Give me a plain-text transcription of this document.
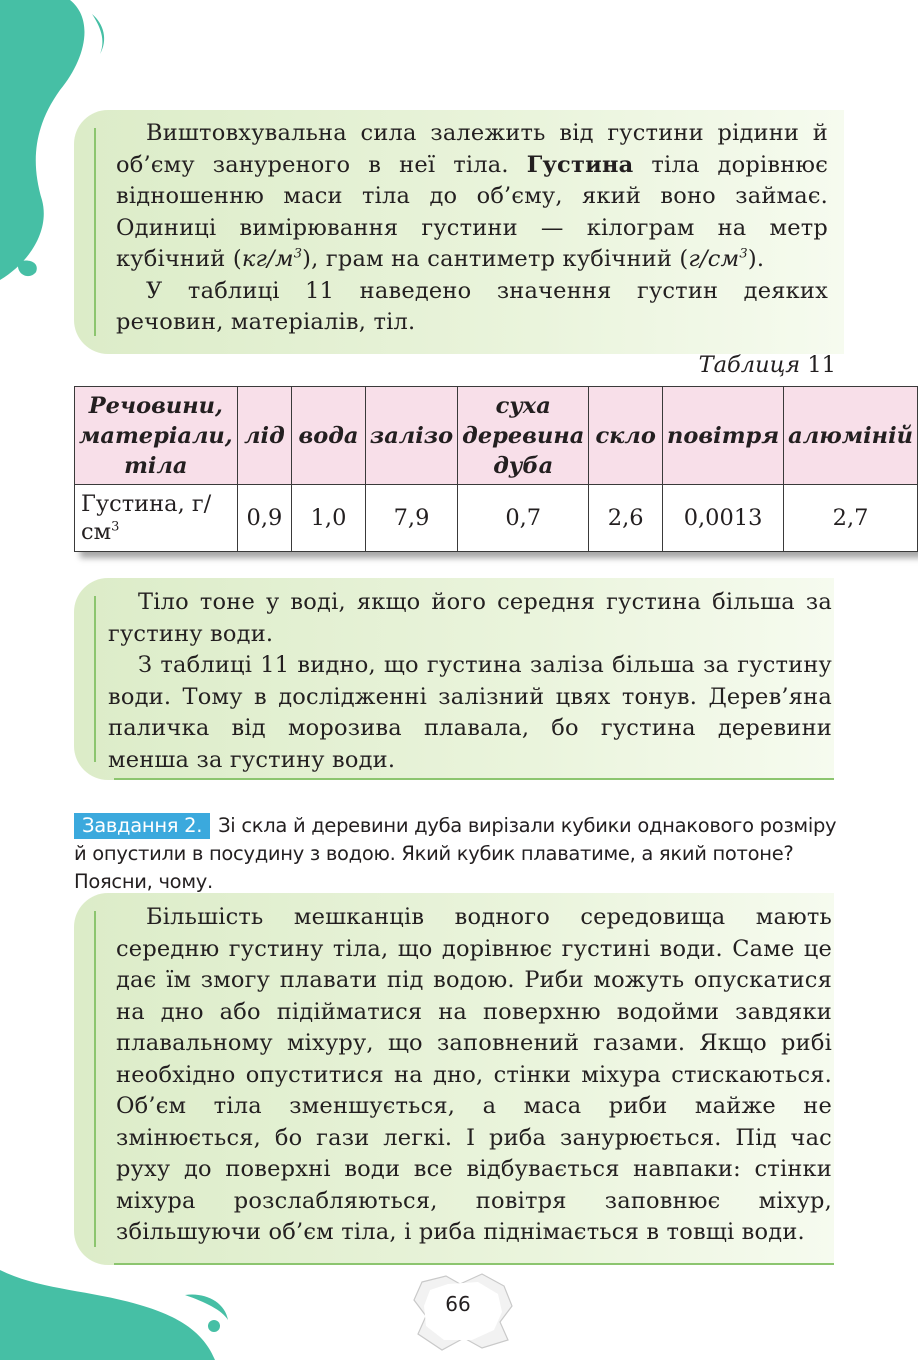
Виштовхувальна сила залежить від густини рідини й об’єму зануреного в неї тіла. Густина тіла дорівнює відношенню маси тіла до об’єму, який воно займає. Одиниці вимірювання густини — кілограм на метр кубічний $(кг/м^3)$, грам на сантиметр кубічний $(г/см^3)$.

У таблиці 11 наведено значення густин деяких речовин, матеріалів, тіл.

Таблиця 11
Речовини, матеріали, тіла	лід	вода	залізо	суха деревина дуба	скло	повітря	алюміній
Густина, $г/см^3$	0,9	1,0	7,9	0,7	2,6	0,0013	2,7

Тіло тоне у воді, якщо його середня густина більша за густину води.

З таблиці 11 видно, що густина заліза більша за густину води. Тому в дослідженні залізний цвях тонув. Дерев’яна паличка від морозива плавала, бо густина деревини менша за густину води.

Завдання 2. Зі скла й деревини дуба вирізали кубики однакового розміру й опустили в посудину з водою. Який кубик плаватиме, а який потоне? Поясни, чому.

Більшість мешканців водного середовища мають середню густину тіла, що дорівнює густині води. Саме це дає їм змогу плавати під водою. Риби можуть опускатися на дно або підійматися на поверхню водойми завдяки плавальному міхуру, що заповнений газами. Якщо рибі необхідно опуститися на дно, стінки міхура стискаються. Об’єм тіла зменшується, а маса риби майже не змінюється, бо гази легкі. І риба занурюється. Під час руху до поверхні води все відбувається навпаки: стінки міхура розслабляються, повітря заповнює міхур, збільшуючи об’єм тіла, і риба піднімається в товщі води.

66
